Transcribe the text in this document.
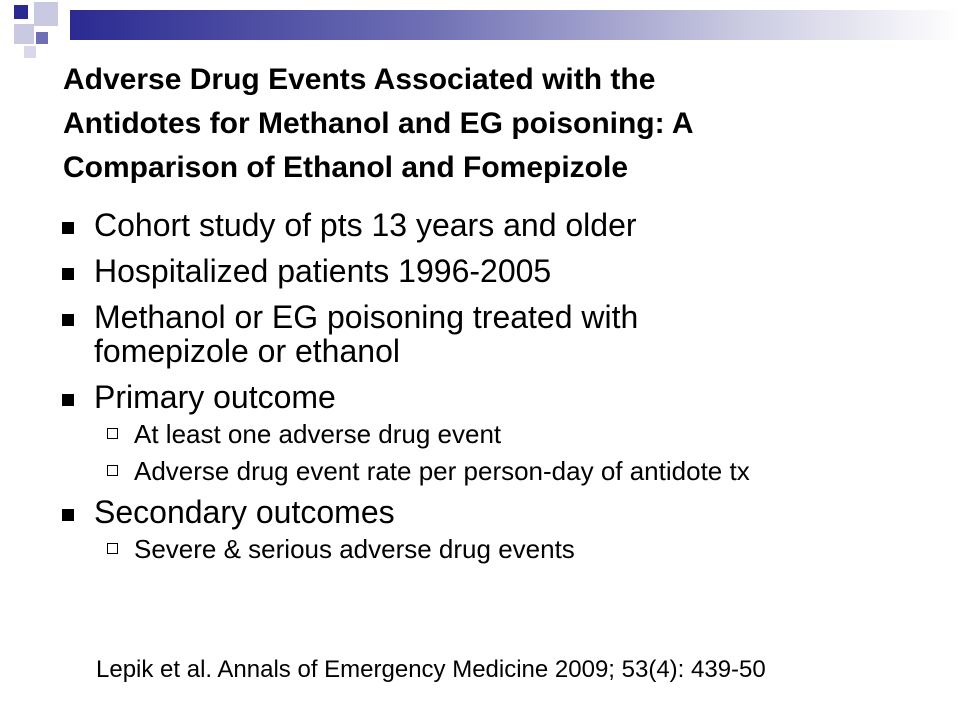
Adverse Drug Events Associated with the
Antidotes for Methanol and EG poisoning: A
Comparison of Ethanol and Fomepizole
Cohort study of pts 13 years and older
Hospitalized patients 1996-2005
Methanol or EG poisoning treated with fomepizole or ethanol
Primary outcome
At least one adverse drug event
Adverse drug event rate per person-day of antidote tx
Secondary outcomes
Severe & serious adverse drug events
Lepik et al. Annals of Emergency Medicine 2009; 53(4): 439-50
